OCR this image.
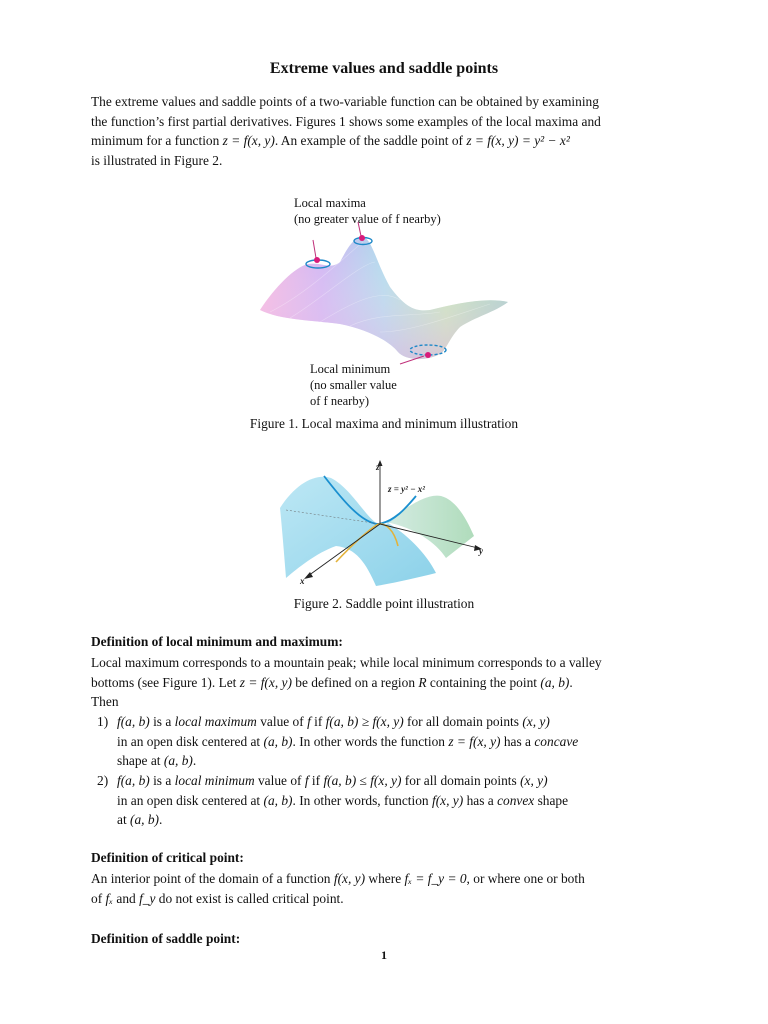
Extreme values and saddle points
The extreme values and saddle points of a two-variable function can be obtained by examining
the function’s first partial derivatives. Figures 1 shows some examples of the local maxima and
minimum for a function z = f(x, y). An example of the saddle point of z = f(x, y) = y² − x²
is illustrated in Figure 2.
Local maxima
(no greater value of f nearby)
Local minimum
(no smaller value
of f nearby)
Figure 1. Local maxima and minimum illustration
z
y
x
z = y² − x²
Figure 2. Saddle point illustration
Definition of local minimum and maximum:
Local maximum corresponds to a mountain peak; while local minimum corresponds to a valley
bottoms (see Figure 1). Let z = f(x, y) be defined on a region R containing the point (a, b).
Then
1) f(a, b) is a local maximum value of f if f(a, b) ≥ f(x, y) for all domain points (x, y)
in an open disk centered at (a, b). In other words the function z = f(x, y) has a concave
shape at (a, b).
2) f(a, b) is a local minimum value of f if f(a, b) ≤ f(x, y) for all domain points (x, y)
in an open disk centered at (a, b). In other words, function f(x, y) has a convex shape
at (a, b).
Definition of critical point:
An interior point of the domain of a function f(x, y) where fₓ = f_y = 0, or where one or both
of fₓ and f_y do not exist is called critical point.
Definition of saddle point:
1
